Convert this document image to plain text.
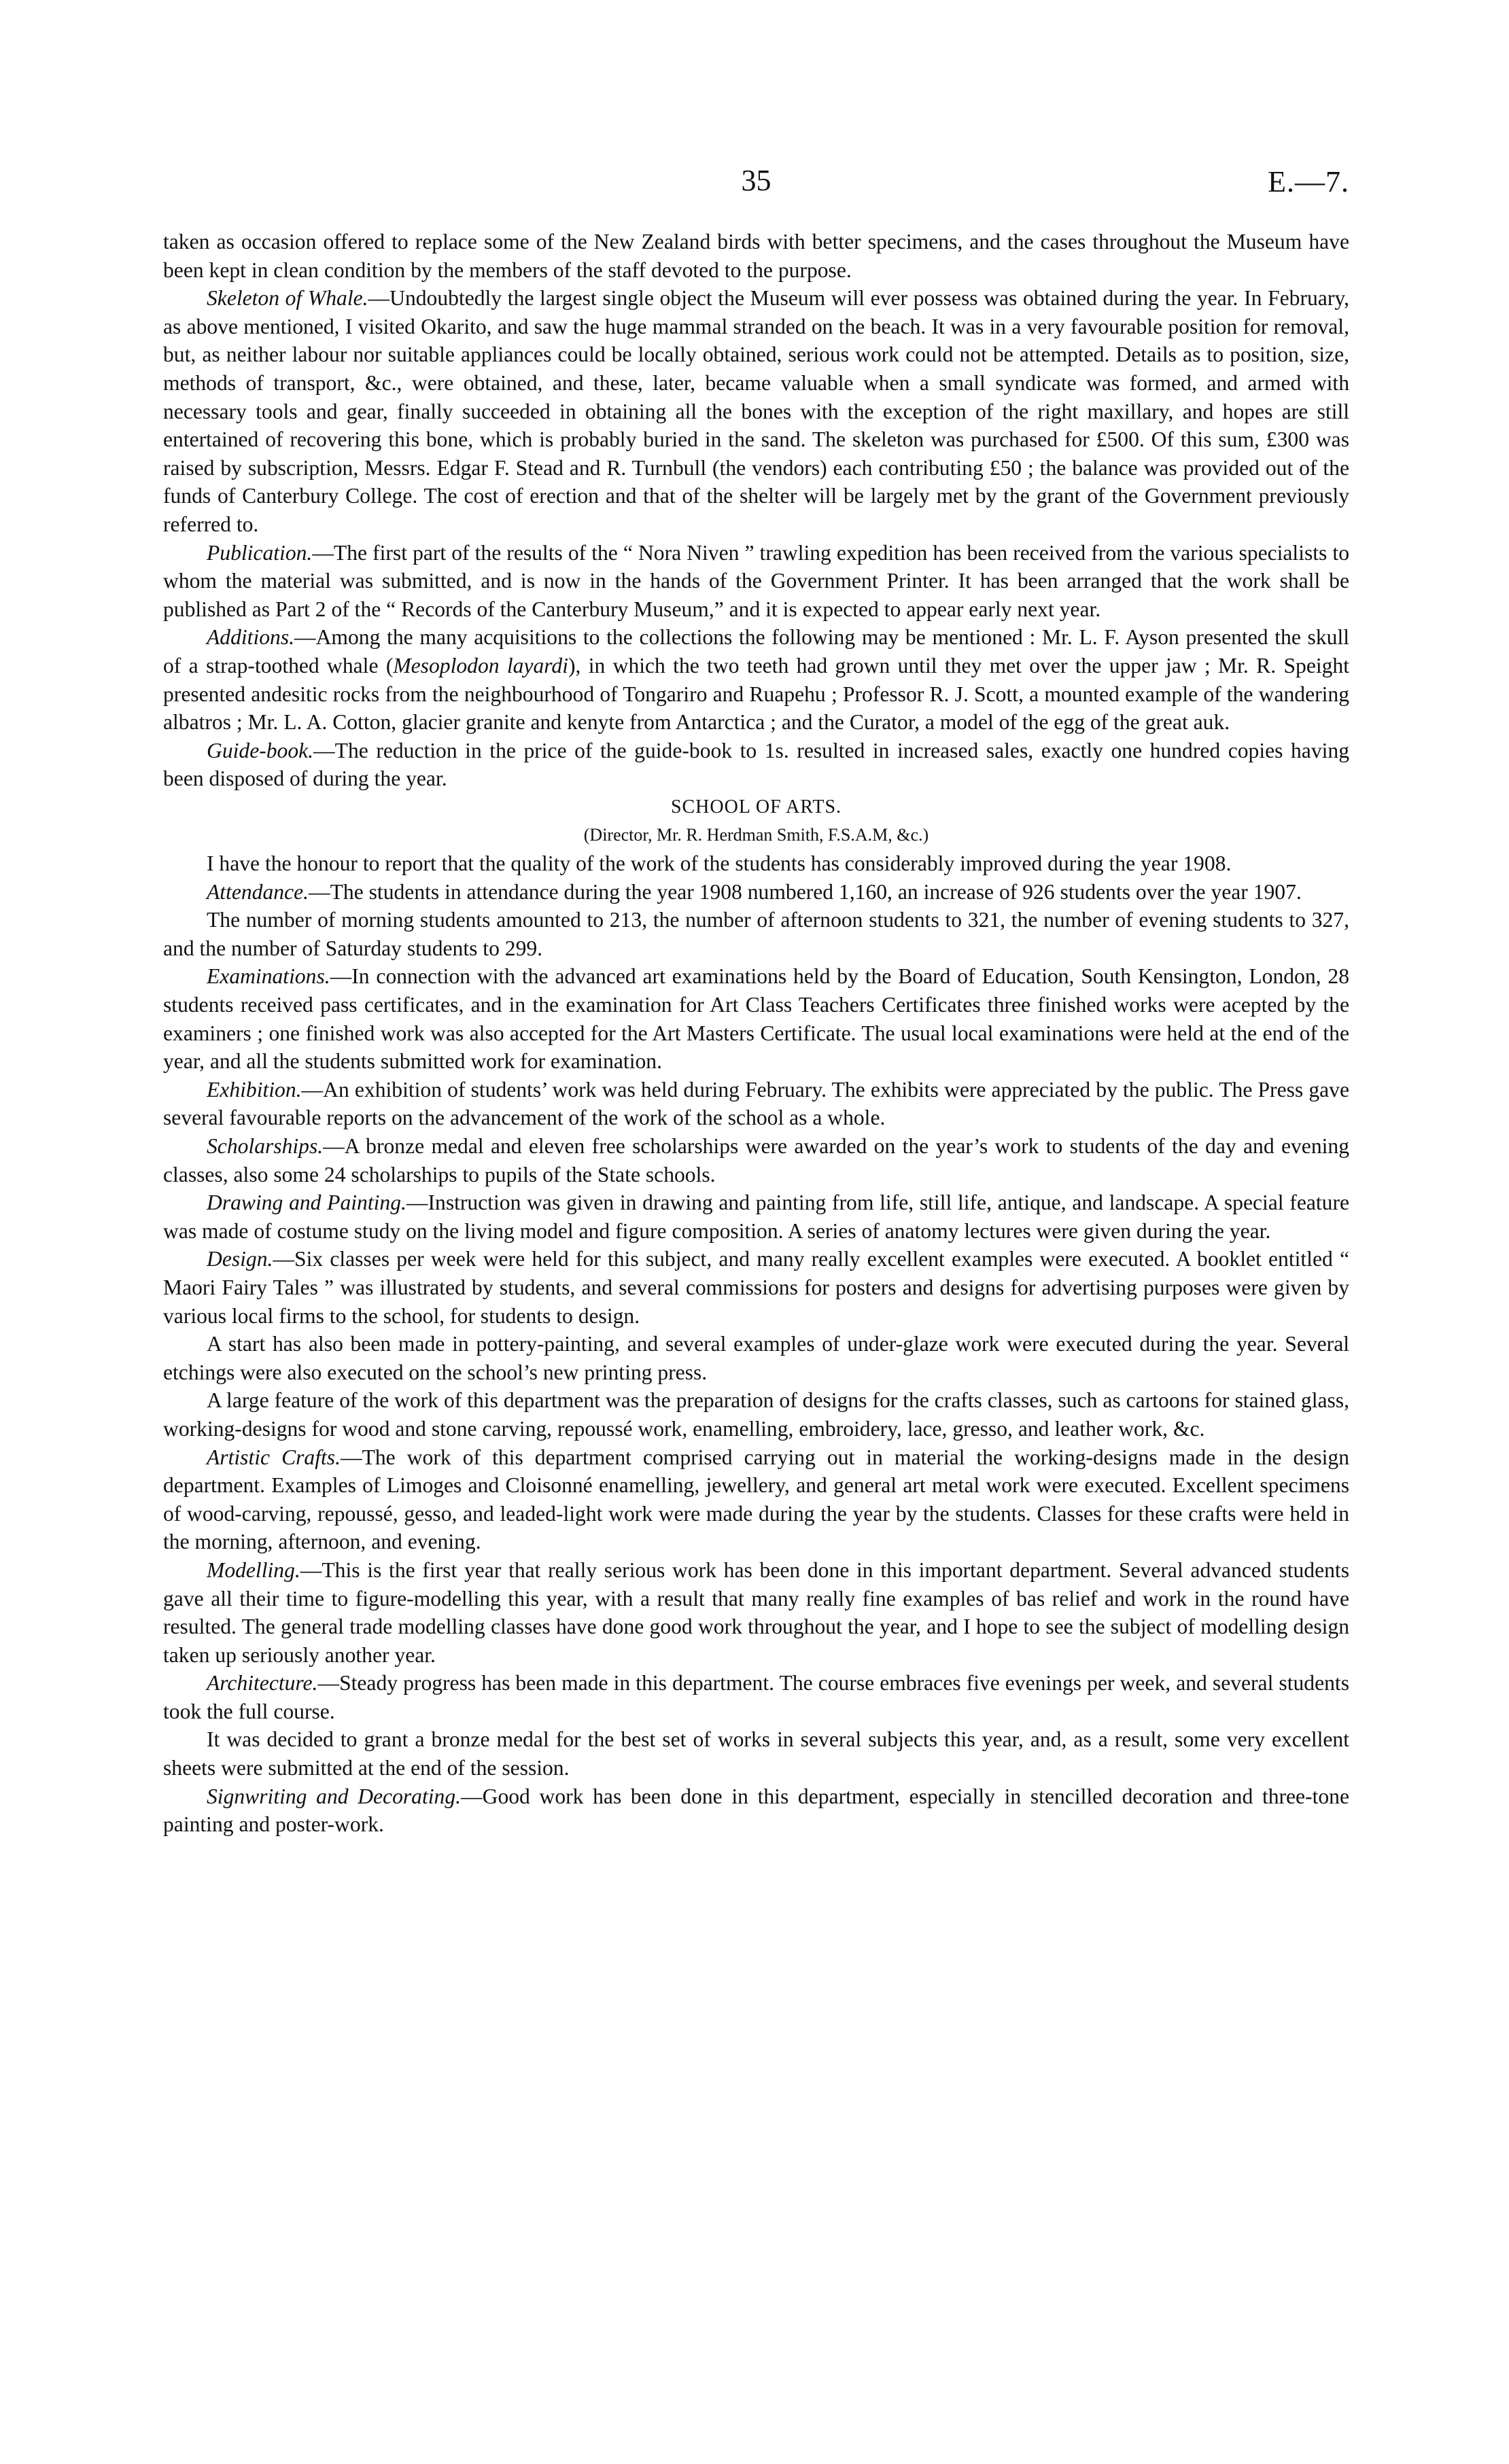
35	E.—7.

taken as occasion offered to replace some of the New Zealand birds with better specimens, and the cases throughout the Museum have been kept in clean condition by the members of the staff devoted to the purpose.

Skeleton of Whale.—Undoubtedly the largest single object the Museum will ever possess was obtained during the year. In February, as above mentioned, I visited Okarito, and saw the huge mammal stranded on the beach. It was in a very favourable position for removal, but, as neither labour nor suitable appliances could be locally obtained, serious work could not be attempted. Details as to position, size, methods of transport, &c., were obtained, and these, later, became valuable when a small syndicate was formed, and armed with necessary tools and gear, finally succeeded in obtaining all the bones with the exception of the right maxillary, and hopes are still entertained of recovering this bone, which is probably buried in the sand. The skeleton was purchased for £500. Of this sum, £300 was raised by subscription, Messrs. Edgar F. Stead and R. Turnbull (the vendors) each contributing £50 ; the balance was provided out of the funds of Canterbury College. The cost of erection and that of the shelter will be largely met by the grant of the Government previously referred to.

Publication.—The first part of the results of the “ Nora Niven ” trawling expedition has been received from the various specialists to whom the material was submitted, and is now in the hands of the Government Printer. It has been arranged that the work shall be published as Part 2 of the “ Records of the Canterbury Museum,” and it is expected to appear early next year.

Additions.—Among the many acquisitions to the collections the following may be mentioned : Mr. L. F. Ayson presented the skull of a strap-toothed whale (Mesoplodon layardi), in which the two teeth had grown until they met over the upper jaw ; Mr. R. Speight presented andesitic rocks from the neighbourhood of Tongariro and Ruapehu ; Professor R. J. Scott, a mounted example of the wandering albatros ; Mr. L. A. Cotton, glacier granite and kenyte from Antarctica ; and the Curator, a model of the egg of the great auk.

Guide-book.—The reduction in the price of the guide-book to 1s. resulted in increased sales, exactly one hundred copies having been disposed of during the year.

SCHOOL OF ARTS.

(Director, Mr. R. Herdman Smith, F.S.A.M, &c.)

I have the honour to report that the quality of the work of the students has considerably improved during the year 1908.

Attendance.—The students in attendance during the year 1908 numbered 1,160, an increase of 926 students over the year 1907.

The number of morning students amounted to 213, the number of afternoon students to 321, the number of evening students to 327, and the number of Saturday students to 299.

Examinations.—In connection with the advanced art examinations held by the Board of Education, South Kensington, London, 28 students received pass certificates, and in the examination for Art Class Teachers Certificates three finished works were acepted by the examiners ; one finished work was also accepted for the Art Masters Certificate. The usual local examinations were held at the end of the year, and all the students submitted work for examination.

Exhibition.—An exhibition of students’ work was held during February. The exhibits were appreciated by the public. The Press gave several favourable reports on the advancement of the work of the school as a whole.

Scholarships.—A bronze medal and eleven free scholarships were awarded on the year’s work to students of the day and evening classes, also some 24 scholarships to pupils of the State schools.

Drawing and Painting.—Instruction was given in drawing and painting from life, still life, antique, and landscape. A special feature was made of costume study on the living model and figure composition. A series of anatomy lectures were given during the year.

Design.—Six classes per week were held for this subject, and many really excellent examples were executed. A booklet entitled “ Maori Fairy Tales ” was illustrated by students, and several commissions for posters and designs for advertising purposes were given by various local firms to the school, for students to design.

A start has also been made in pottery-painting, and several examples of under-glaze work were executed during the year. Several etchings were also executed on the school’s new printing press.

A large feature of the work of this department was the preparation of designs for the crafts classes, such as cartoons for stained glass, working-designs for wood and stone carving, repoussé work, enamelling, embroidery, lace, gresso, and leather work, &c.

Artistic Crafts.—The work of this department comprised carrying out in material the working-designs made in the design department. Examples of Limoges and Cloisonné enamelling, jewellery, and general art metal work were executed. Excellent specimens of wood-carving, repoussé, gesso, and leaded-light work were made during the year by the students. Classes for these crafts were held in the morning, afternoon, and evening.

Modelling.—This is the first year that really serious work has been done in this important department. Several advanced students gave all their time to figure-modelling this year, with a result that many really fine examples of bas relief and work in the round have resulted. The general trade modelling classes have done good work throughout the year, and I hope to see the subject of modelling design taken up seriously another year.

Architecture.—Steady progress has been made in this department. The course embraces five evenings per week, and several students took the full course.

It was decided to grant a bronze medal for the best set of works in several subjects this year, and, as a result, some very excellent sheets were submitted at the end of the session.

Signwriting and Decorating.—Good work has been done in this department, especially in stencilled decoration and three-tone painting and poster-work.
